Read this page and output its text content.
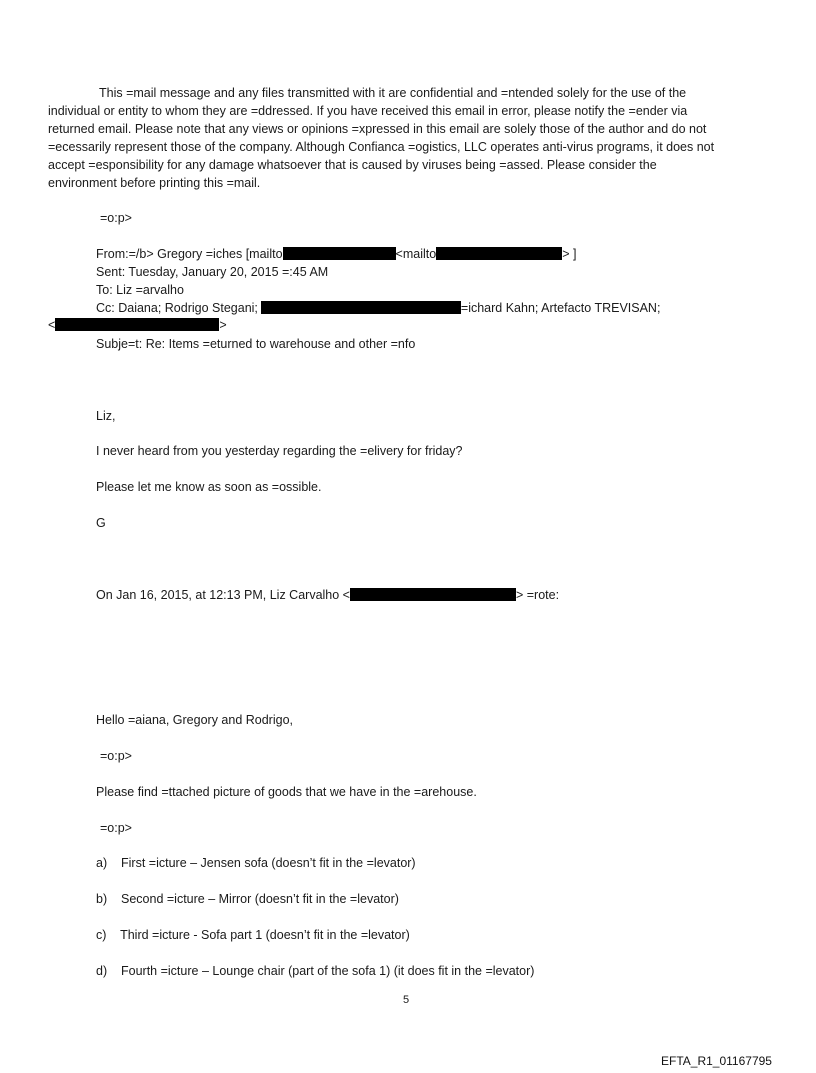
This =mail message and any files transmitted with it are confidential and =ntended solely for the use of the
individual or entity to whom they are =ddressed. If you have received this email in error, please notify the =ender via
returned email. Please note that any views or opinions =xpressed in this email are solely those of the author and do not
=ecessarily represent those of the company. Although Confianca =ogistics, LLC operates anti-virus programs, it does not
accept =esponsibility for any damage whatsoever that is caused by viruses being =assed. Please consider the
environment before printing this =mail.
=o:p>
From:=/b> Gregory =iches [mailto	<mailto	> ]
Sent: Tuesday, January 20, 2015 =:45 AM
To: Liz =arvalho
Cc: Daiana; Rodrigo Stegani;	=ichard Kahn; Artefacto TREVISAN;
<	>
Subje=t: Re: Items =eturned to warehouse and other =nfo
Liz,
I never heard from you yesterday regarding the =elivery for friday?
Please let me know as soon as =ossible.
G
On Jan 16, 2015, at 12:13 PM, Liz Carvalho <	> =rote:
Hello =aiana, Gregory and Rodrigo,
=o:p>
Please find =ttached picture of goods that we have in the =arehouse.
=o:p>
a)    First =icture – Jensen sofa (doesn’t fit in the =levator)
b)    Second =icture – Mirror (doesn’t fit in the =levator)
c)    Third =icture - Sofa part 1 (doesn’t fit in the =levator)
d)    Fourth =icture – Lounge chair (part of the sofa 1) (it does fit in the =levator)
5
EFTA_R1_01167795
